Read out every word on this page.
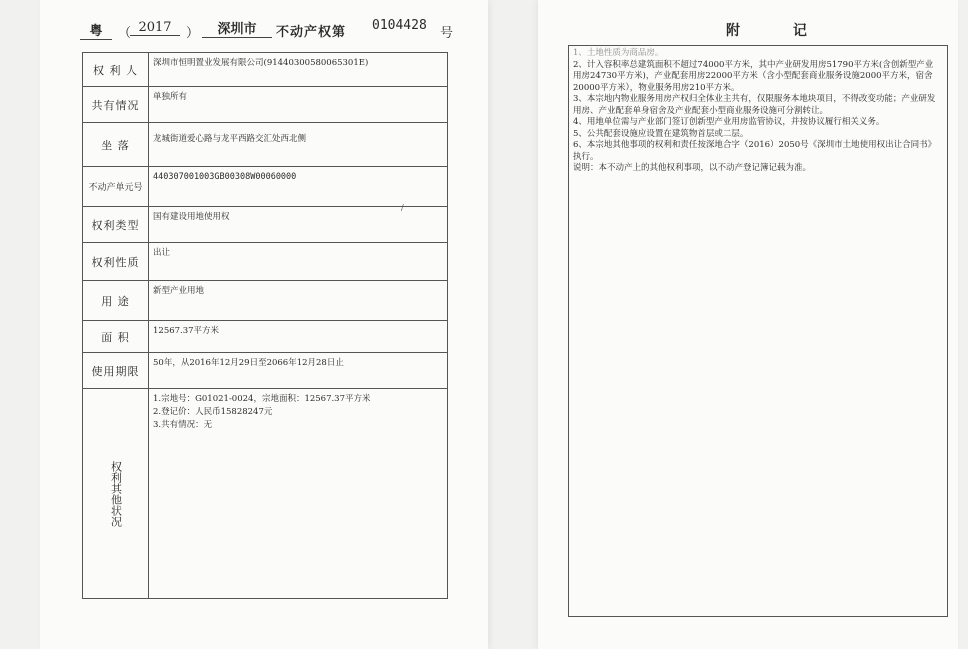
粤	（ 2017	）	深圳市	不动产权第 0104428
号
权 利 人
深圳市恒明置业发展有限公司(91440300580065301E)
共有情况
单独所有
坐 落	龙城街道爱心路与龙平西路交汇处西北侧
不动产单元号
440307001003GB00308W00060000
权利类型
国有建设用地使用权
权利性质
出让
用 途
新型产业用地
面 积	12567.37平方米
使用期限
50年，从2016年12月29日至2066年12月28日止
权利其他状况
1.宗地号：G01021-0024，宗地面积：12567.37平方米
2.登记价：人民币15828247元
3.共有情况：无
/
附 记

1、土地性质为商品房。

2、计入容积率总建筑面积不超过74000平方米，其中产业研发用房51790平方米(含创新型产业用房24730平方米)，产业配套用房22000平方米（含小型配套商业服务设施2000平方米，宿舍20000平方米），物业服务用房210平方米。

3、本宗地内物业服务用房产权归全体业主共有，仅限服务本地块项目，不得改变功能；产业研发用房、产业配套单身宿舍及产业配套小型商业服务设施可分割转让。

4、用地单位需与产业部门签订创新型产业用房监管协议，并按协议履行相关义务。

5、公共配套设施应设置在建筑物首层或二层。

6、本宗地其他事项的权利和责任按深地合字（2016）2050号《深圳市土地使用权出让合同书》执行。

说明：本不动产上的其他权利事项，以不动产登记簿记载为准。
